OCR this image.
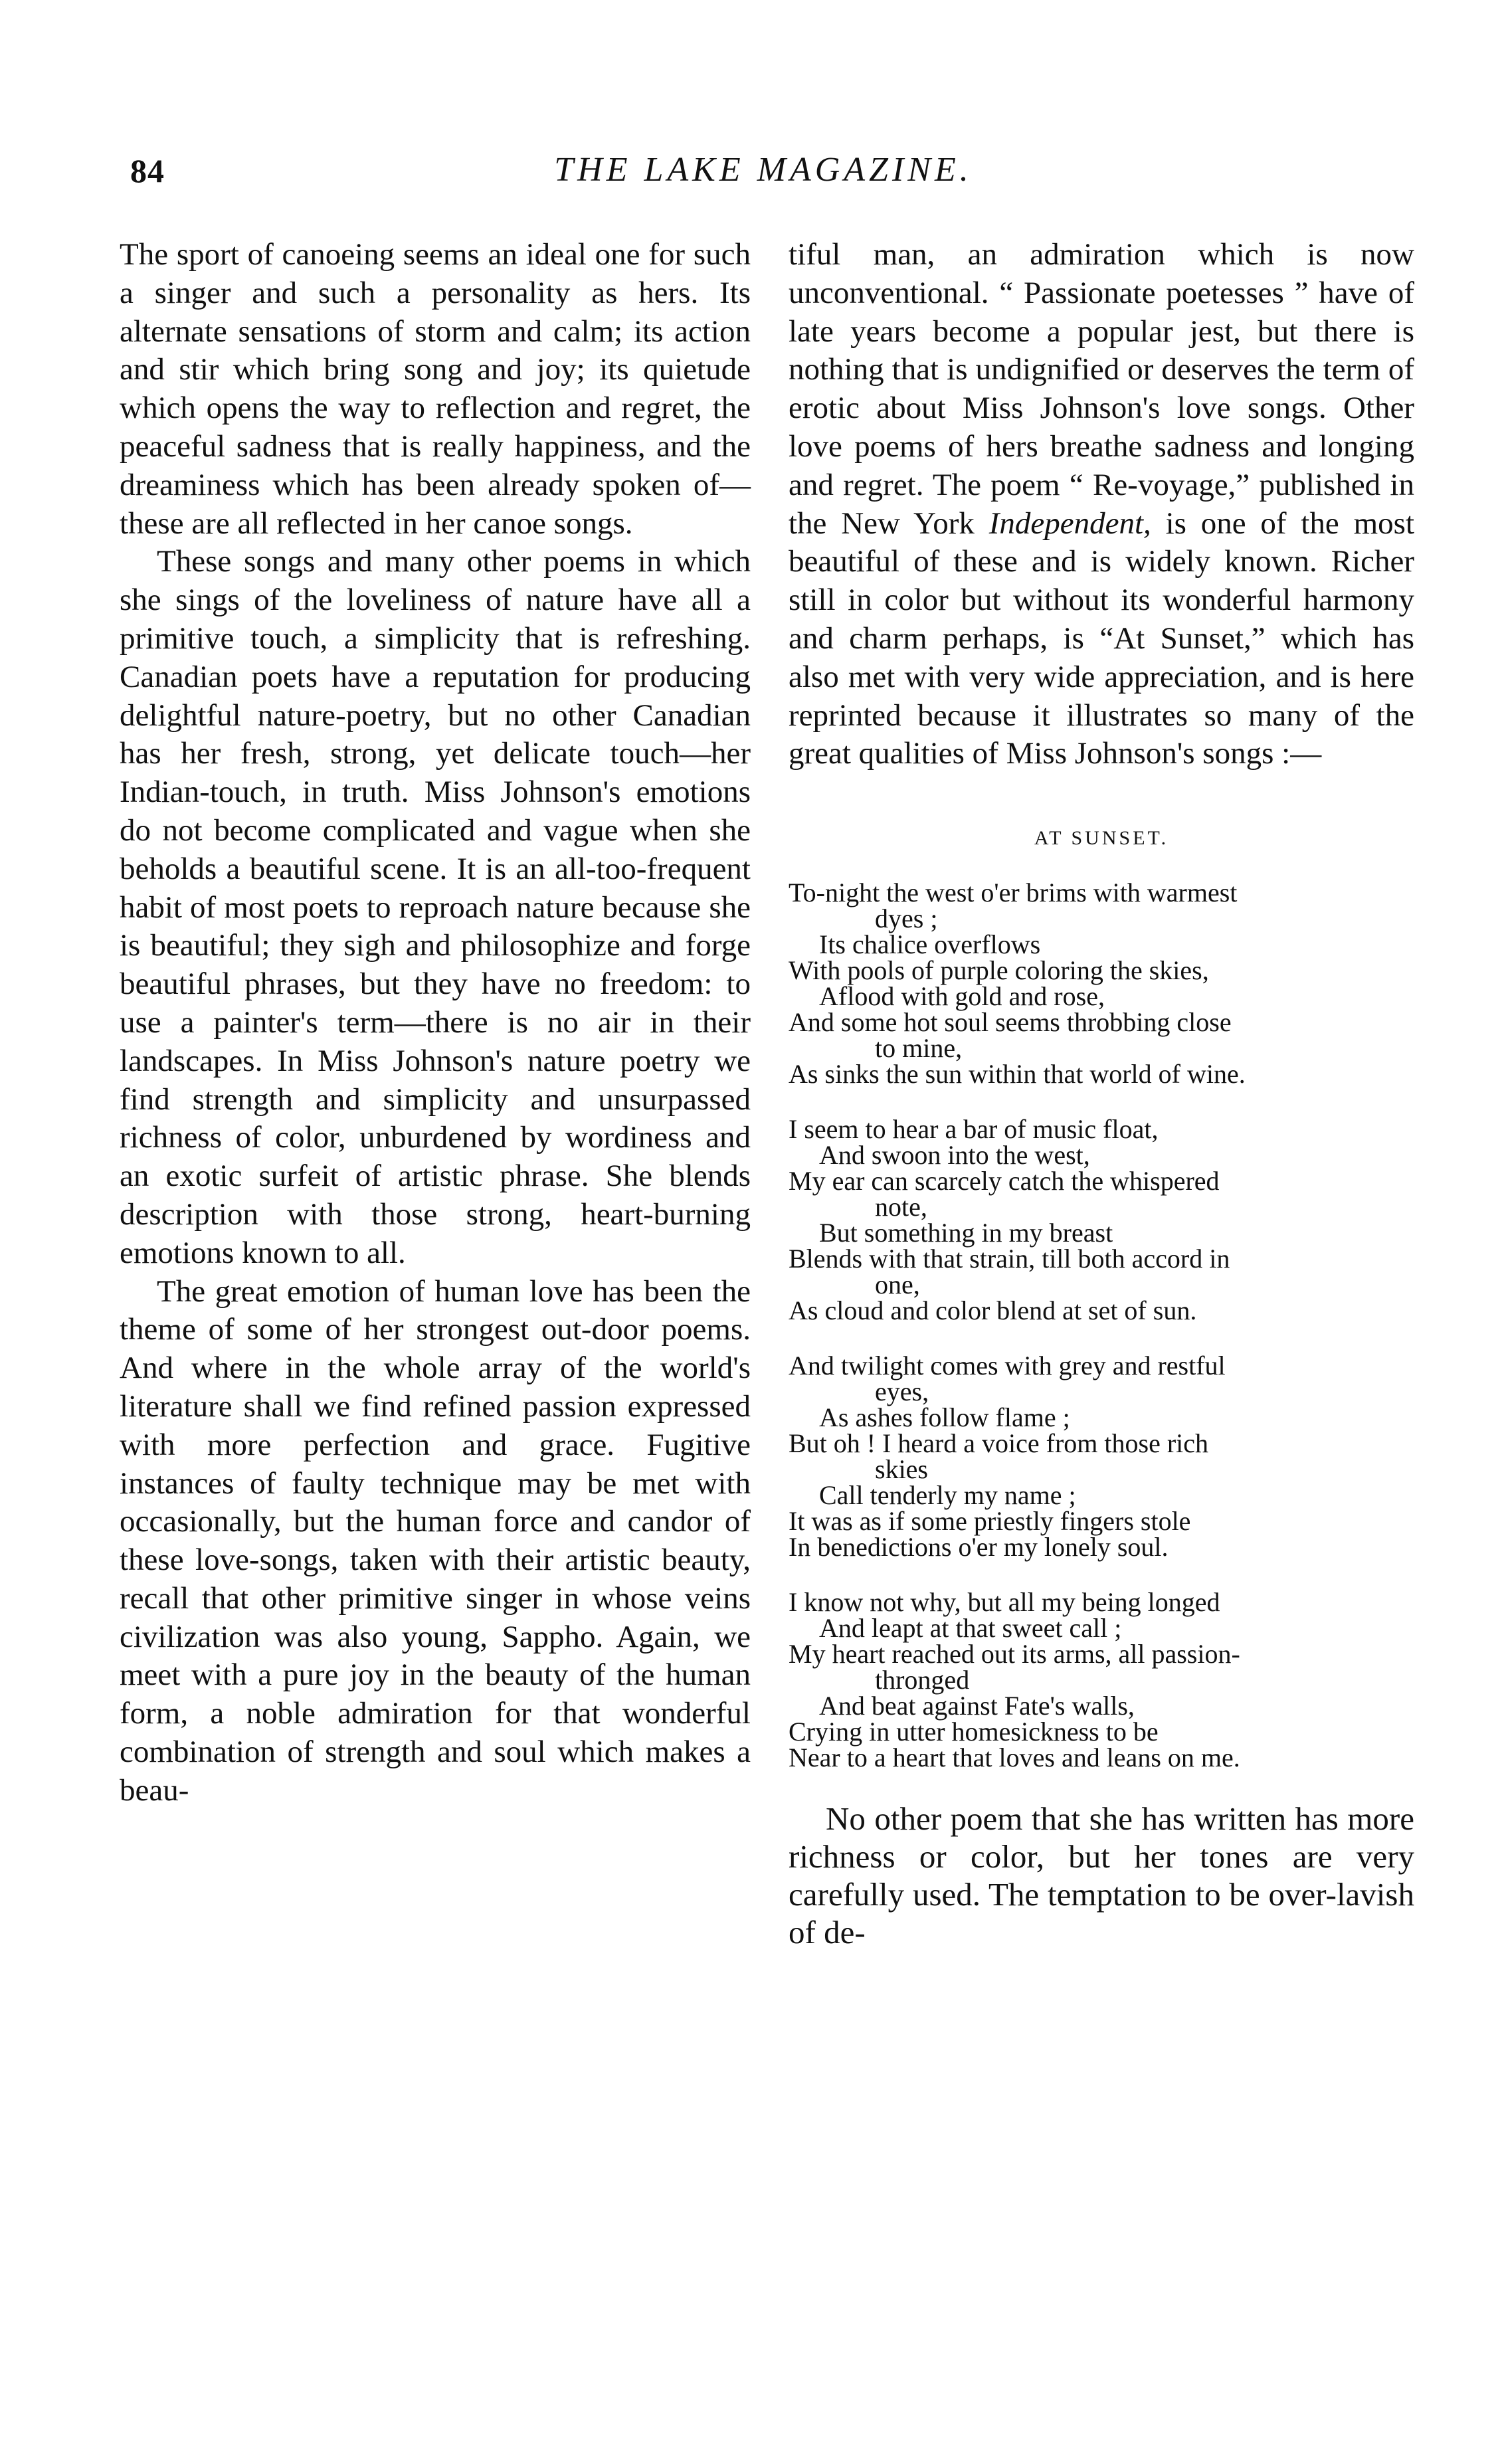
84	THE LAKE MAGAZINE.

The sport of canoeing seems an ideal one for such a singer and such a personality as hers. Its alternate sensations of storm and calm; its action and stir which bring song and joy; its quietude which opens the way to reflection and regret, the peaceful sadness that is really happiness, and the dreaminess which has been already spoken of—these are all reflected in her canoe songs.

These songs and many other poems in which she sings of the loveliness of nature have all a primitive touch, a simplicity that is refreshing. Canadian poets have a reputation for producing delightful nature-poetry, but no other Canadian has her fresh, strong, yet delicate touch—her Indian-touch, in truth. Miss Johnson's emotions do not become complicated and vague when she beholds a beautiful scene. It is an all-too-frequent habit of most poets to reproach nature because she is beautiful; they sigh and philosophize and forge beautiful phrases, but they have no freedom: to use a painter's term—there is no air in their landscapes. In Miss Johnson's nature poetry we find strength and simplicity and unsurpassed richness of color, unburdened by wordiness and an exotic surfeit of artistic phrase. She blends description with those strong, heart-burning emotions known to all.

The great emotion of human love has been the theme of some of her strongest out-door poems. And where in the whole array of the world's literature shall we find refined passion expressed with more perfection and grace. Fugitive instances of faulty technique may be met with occasionally, but the human force and candor of these love-songs, taken with their artistic beauty, recall that other primitive singer in whose veins civilization was also young, Sappho. Again, we meet with a pure joy in the beauty of the human form, a noble admiration for that wonderful combination of strength and soul which makes a beau-

tiful man, an admiration which is now unconventional. “ Passionate poetesses ” have of late years become a popular jest, but there is nothing that is undignified or deserves the term of erotic about Miss Johnson's love songs. Other love poems of hers breathe sadness and longing and regret. The poem “ Re-voyage,” published in the New York Independent, is one of the most beautiful of these and is widely known. Richer still in color but without its wonderful harmony and charm perhaps, is “At Sunset,” which has also met with very wide appreciation, and is here reprinted because it illustrates so many of the great qualities of Miss Johnson's songs :—

AT SUNSET.
To-night the west o'er brims with warmest
dyes ;
Its chalice overflows
With pools of purple coloring the skies,
Aflood with gold and rose,
And some hot soul seems throbbing close
to mine,
As sinks the sun within that world of wine.
I seem to hear a bar of music float,
And swoon into the west,
My ear can scarcely catch the whispered
note,
But something in my breast
Blends with that strain, till both accord in
one,
As cloud and color blend at set of sun.
And twilight comes with grey and restful
eyes,
As ashes follow flame ;
But oh ! I heard a voice from those rich
skies
Call tenderly my name ;
It was as if some priestly fingers stole
In benedictions o'er my lonely soul.
I know not why, but all my being longed
And leapt at that sweet call ;
My heart reached out its arms, all passion-
thronged
And beat against Fate's walls,
Crying in utter homesickness to be
Near to a heart that loves and leans on me.

No other poem that she has written has more richness or color, but her tones are very carefully used. The temptation to be over-lavish of de-
